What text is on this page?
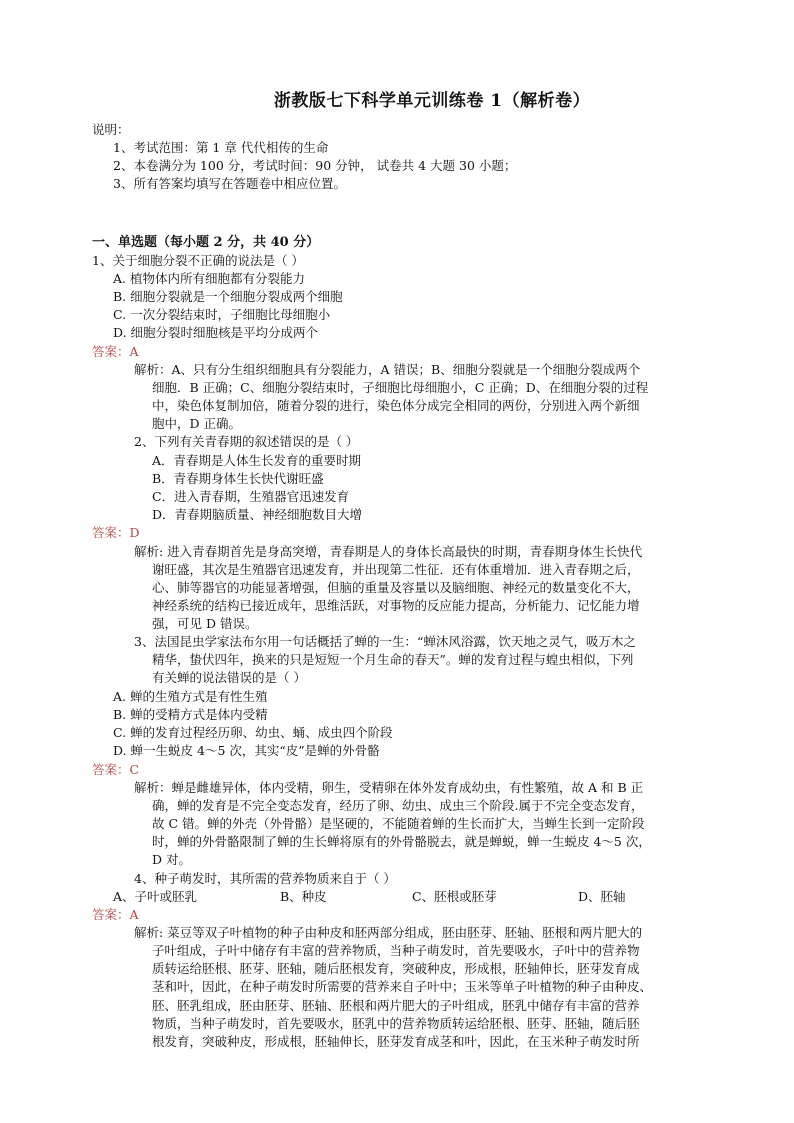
浙教版七下科学单元训练卷 1（解析卷）
说明：
1、考试范围：第 1 章 代代相传的生命
2、本卷满分为 100 分，考试时间：90 分钟， 试卷共 4 大题 30 小题；
3、所有答案均填写在答题卷中相应位置。
一、单选题（每小题 2 分，共 40 分）
1、关于细胞分裂不正确的说法是（ ）
A. 植物体内所有细胞都有分裂能力
B. 细胞分裂就是一个细胞分裂成两个细胞
C. 一次分裂结束时，子细胞比母细胞小
D. 细胞分裂时细胞核是平均分成两个
答案：A
解析：A、只有分生组织细胞具有分裂能力，A 错误；B、细胞分裂就是一个细胞分裂成两个
细胞．B 正确；C、细胞分裂结束时，子细胞比母细胞小，C 正确；D、在细胞分裂的过程
中，染色体复制加倍，随着分裂的进行，染色体分成完全相同的两份，分别进入两个新细
胞中，D 正确。
2、下列有关青春期的叙述错误的是（ ）
A．青春期是人体生长发育的重要时期
B．青春期身体生长快代谢旺盛
C．进入青春期，生殖器官迅速发育
D．青春期脑质量、神经细胞数目大增
答案：D
解析: 进入青春期首先是身高突增，青春期是人的身体长高最快的时期，青春期身体生长快代
谢旺盛，其次是生殖器官迅速发育，并出现第二性征．还有体重增加．进入青春期之后，
心、肺等器官的功能显著增强，但脑的重量及容量以及脑细胞、神经元的数量变化不大，
神经系统的结构已接近成年，思维活跃，对事物的反应能力提高，分析能力、记忆能力增
强，可见 D 错误。
3、法国昆虫学家法布尔用一句话概括了蝉的一生：“蝉沐风浴露，饮天地之灵气，吸万木之
精华，蛰伏四年，换来的只是短短一个月生命的春天”。蝉的发育过程与蝗虫相似，下列
有关蝉的说法错误的是（ ）
A. 蝉的生殖方式是有性生殖
B. 蝉的受精方式是体内受精
C. 蝉的发育过程经历卵、幼虫、蛹、成虫四个阶段
D. 蝉一生蜕皮 4～5 次，其实“皮”是蝉的外骨骼
答案：C
解析：蝉是雌雄异体，体内受精，卵生，受精卵在体外发育成幼虫，有性繁殖，故 A 和 B 正
确，蝉的发育是不完全变态发育，经历了卵、幼虫、成虫三个阶段.属于不完全变态发育，
故 C 错。蝉的外壳（外骨骼）是坚硬的，不能随着蝉的生长而扩大，当蝉生长到一定阶段
时，蝉的外骨骼限制了蝉的生长蝉将原有的外骨骼脱去，就是蝉蜕，蝉一生蜕皮 4～5 次，
D 对。
4、种子萌发时，其所需的营养物质来自于（ ）
A、子叶或胚乳	B、种皮	C、胚根或胚芽	D、胚轴
答案：A
解析: 菜豆等双子叶植物的种子由种皮和胚两部分组成，胚由胚芽、胚轴、胚根和两片肥大的
子叶组成，子叶中储存有丰富的营养物质，当种子萌发时，首先要吸水，子叶中的营养物
质转运给胚根、胚芽、胚轴，随后胚根发育，突破种皮，形成根，胚轴伸长，胚芽发育成
茎和叶，因此，在种子萌发时所需要的营养来自子叶中；玉米等单子叶植物的种子由种皮、
胚、胚乳组成，胚由胚芽、胚轴、胚根和两片肥大的子叶组成，胚乳中储存有丰富的营养
物质，当种子萌发时，首先要吸水，胚乳中的营养物质转运给胚根、胚芽、胚轴，随后胚
根发育，突破种皮，形成根，胚轴伸长，胚芽发育成茎和叶，因此，在玉米种子萌发时所
